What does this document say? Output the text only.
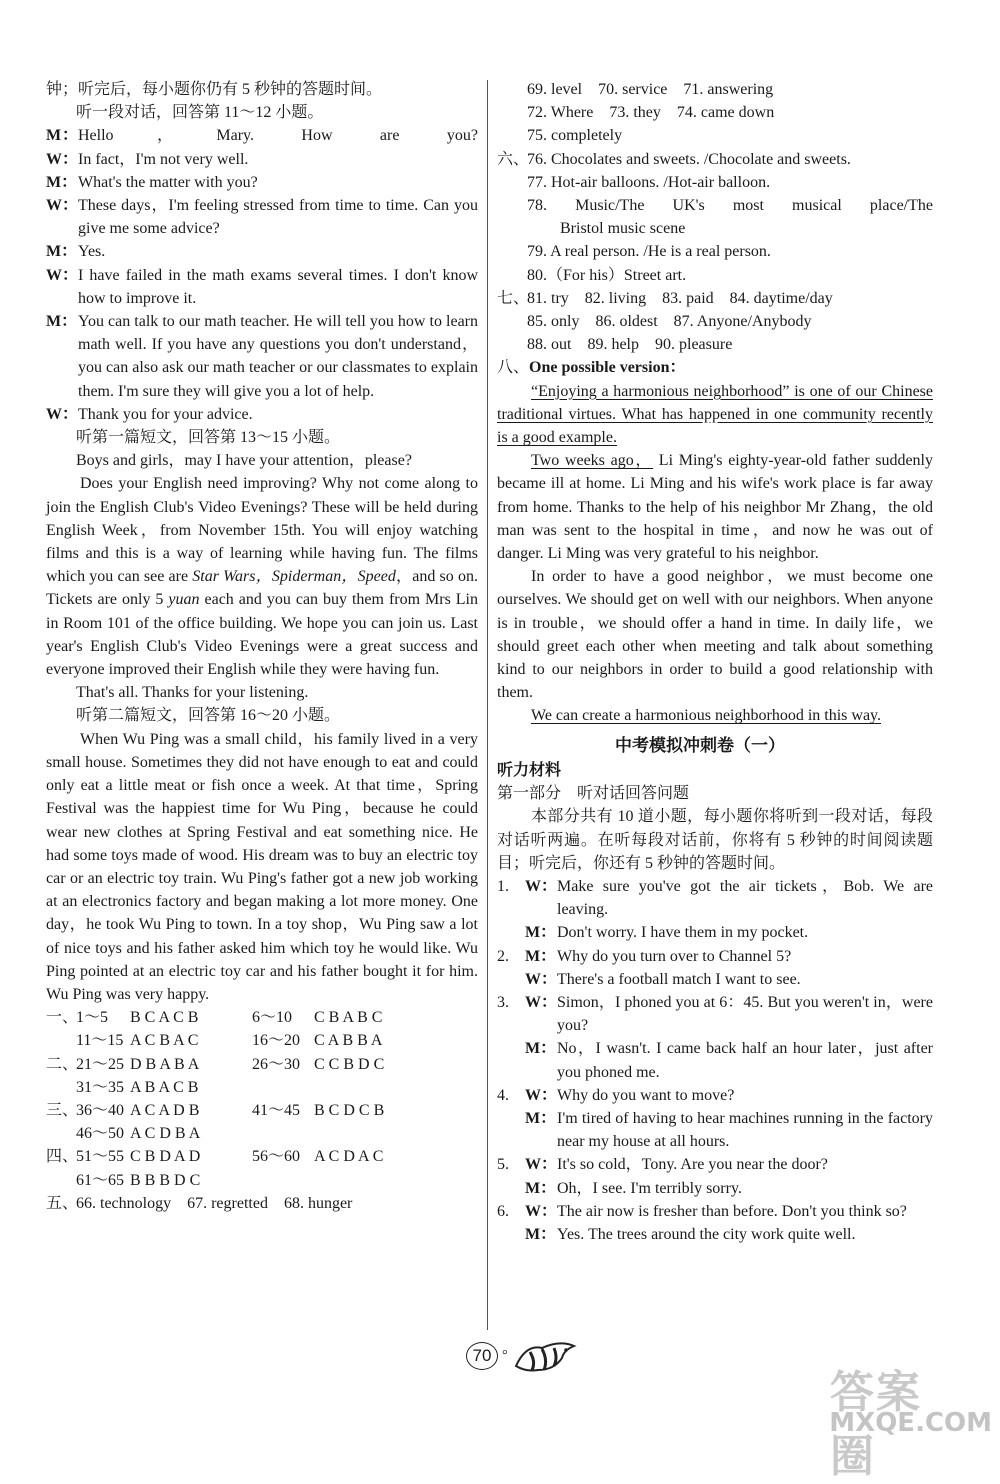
钟；听完后，每小题你仍有 5 秒钟的答题时间。
听一段对话，回答第 11～12 小题。
M：Hello，Mary. How are you?
W：In fact，I'm not very well.
M：What's the matter with you?
W：These days，I'm feeling stressed from time to time. Can you give me some advice?
M：Yes.
W：I have failed in the math exams several times. I don't know how to improve it.
M：You can talk to our math teacher. He will tell you how to learn math well. If you have any questions you don't understand，you can also ask our math teacher or our classmates to explain them. I'm sure they will give you a lot of help.
W：Thank you for your advice.
听第一篇短文，回答第 13～15 小题。
Boys and girls，may I have your attention，please?
Does your English need improving? Why not come along to join the English Club's Video Evenings? These will be held during English Week，from November 15th. You will enjoy watching films and this is a way of learning while having fun. The films which you can see are Star Wars，Spiderman，Speed，and so on. Tickets are only 5 yuan each and you can buy them from Mrs Lin in Room 101 of the office building. We hope you can join us. Last year's English Club's Video Evenings were a great success and everyone improved their English while they were having fun.
That's all. Thanks for your listening.
听第二篇短文，回答第 16～20 小题。
When Wu Ping was a small child，his family lived in a very small house. Sometimes they did not have enough to eat and could only eat a little meat or fish once a week. At that time，Spring Festival was the happiest time for Wu Ping，because he could wear new clothes at Spring Festival and eat something nice. He had some toys made of wood. His dream was to buy an electric toy car or an electric toy train. Wu Ping's father got a new job working at an electronics factory and began making a lot more money. One day，he took Wu Ping to town. In a toy shop，Wu Ping saw a lot of nice toys and his father asked him which toy he would like. Wu Ping pointed at an electric toy car and his father bought it for him. Wu Ping was very happy.
一、
1～5	B C A C B	6～10	C B A B C
11～15 A C B A C	16～20 C A B B A
二、
21～25 D B A B A	26～30 C C B D C
31～35 A B A C B
三、
36～40 A C A D B	41～45 B C D C B
46～50 A C D B A
四、
51～55 C B D A D	56～60 A C D A C
61～65 B B B D C
五、
66. technology　67. regretted　68. hunger
69. level　70. service　71. answering
72. Where　73. they　74. came down
75. completely
六、76. Chocolates and sweets. /Chocolate and sweets.
77. Hot-air balloons. /Hot-air balloon.
78. Music/The UK's most musical place/The
Bristol music scene
79. A real person. /He is a real person.
80.（For his）Street art.
七、81. try　82. living　83. paid　84. daytime/day
85. only　86. oldest　87. Anyone/Anybody
88. out　89. help　90. pleasure
八、One possible version：
“Enjoying a harmonious neighborhood” is one of our Chinese traditional virtues. What has happened in one community recently is a good example.
Two weeks ago， Li Ming's eighty-year-old father suddenly became ill at home. Li Ming and his wife's work place is far away from home. Thanks to the help of his neighbor Mr Zhang，the old man was sent to the hospital in time，and now he was out of danger. Li Ming was very grateful to his neighbor.
In order to have a good neighbor，we must become one ourselves. We should get on well with our neighbors. When anyone is in trouble，we should offer a hand in time. In daily life，we should greet each other when meeting and talk about something kind to our neighbors in order to build a good relationship with them.
We can create a harmonious neighborhood in this way.
中考模拟冲刺卷（一）
听力材料
第一部分　听对话回答问题
本部分共有 10 道小题，每小题你将听到一段对话，每段对话听两遍。在听每段对话前，你将有 5 秒钟的时间阅读题目；听完后，你还有 5 秒钟的答题时间。
1. W：Make sure you've got the air tickets，Bob. We are leaving.
M：Don't worry. I have them in my pocket.
2. M：Why do you turn over to Channel 5?
W：There's a football match I want to see.
3. W：Simon，I phoned you at 6：45. But you weren't in，were you?
M：No，I wasn't. I came back half an hour later，just after you phoned me.
4. W：Why do you want to move?
M：I'm tired of having to hear machines running in the factory near my house at all hours.
5. W：It's so cold，Tony. Are you near the door?
M：Oh，I see. I'm terribly sorry.
6. W：The air now is fresher than before. Don't you think so?
M：Yes. The trees around the city work quite well.
70 °
答案圈
MXQE.COM
